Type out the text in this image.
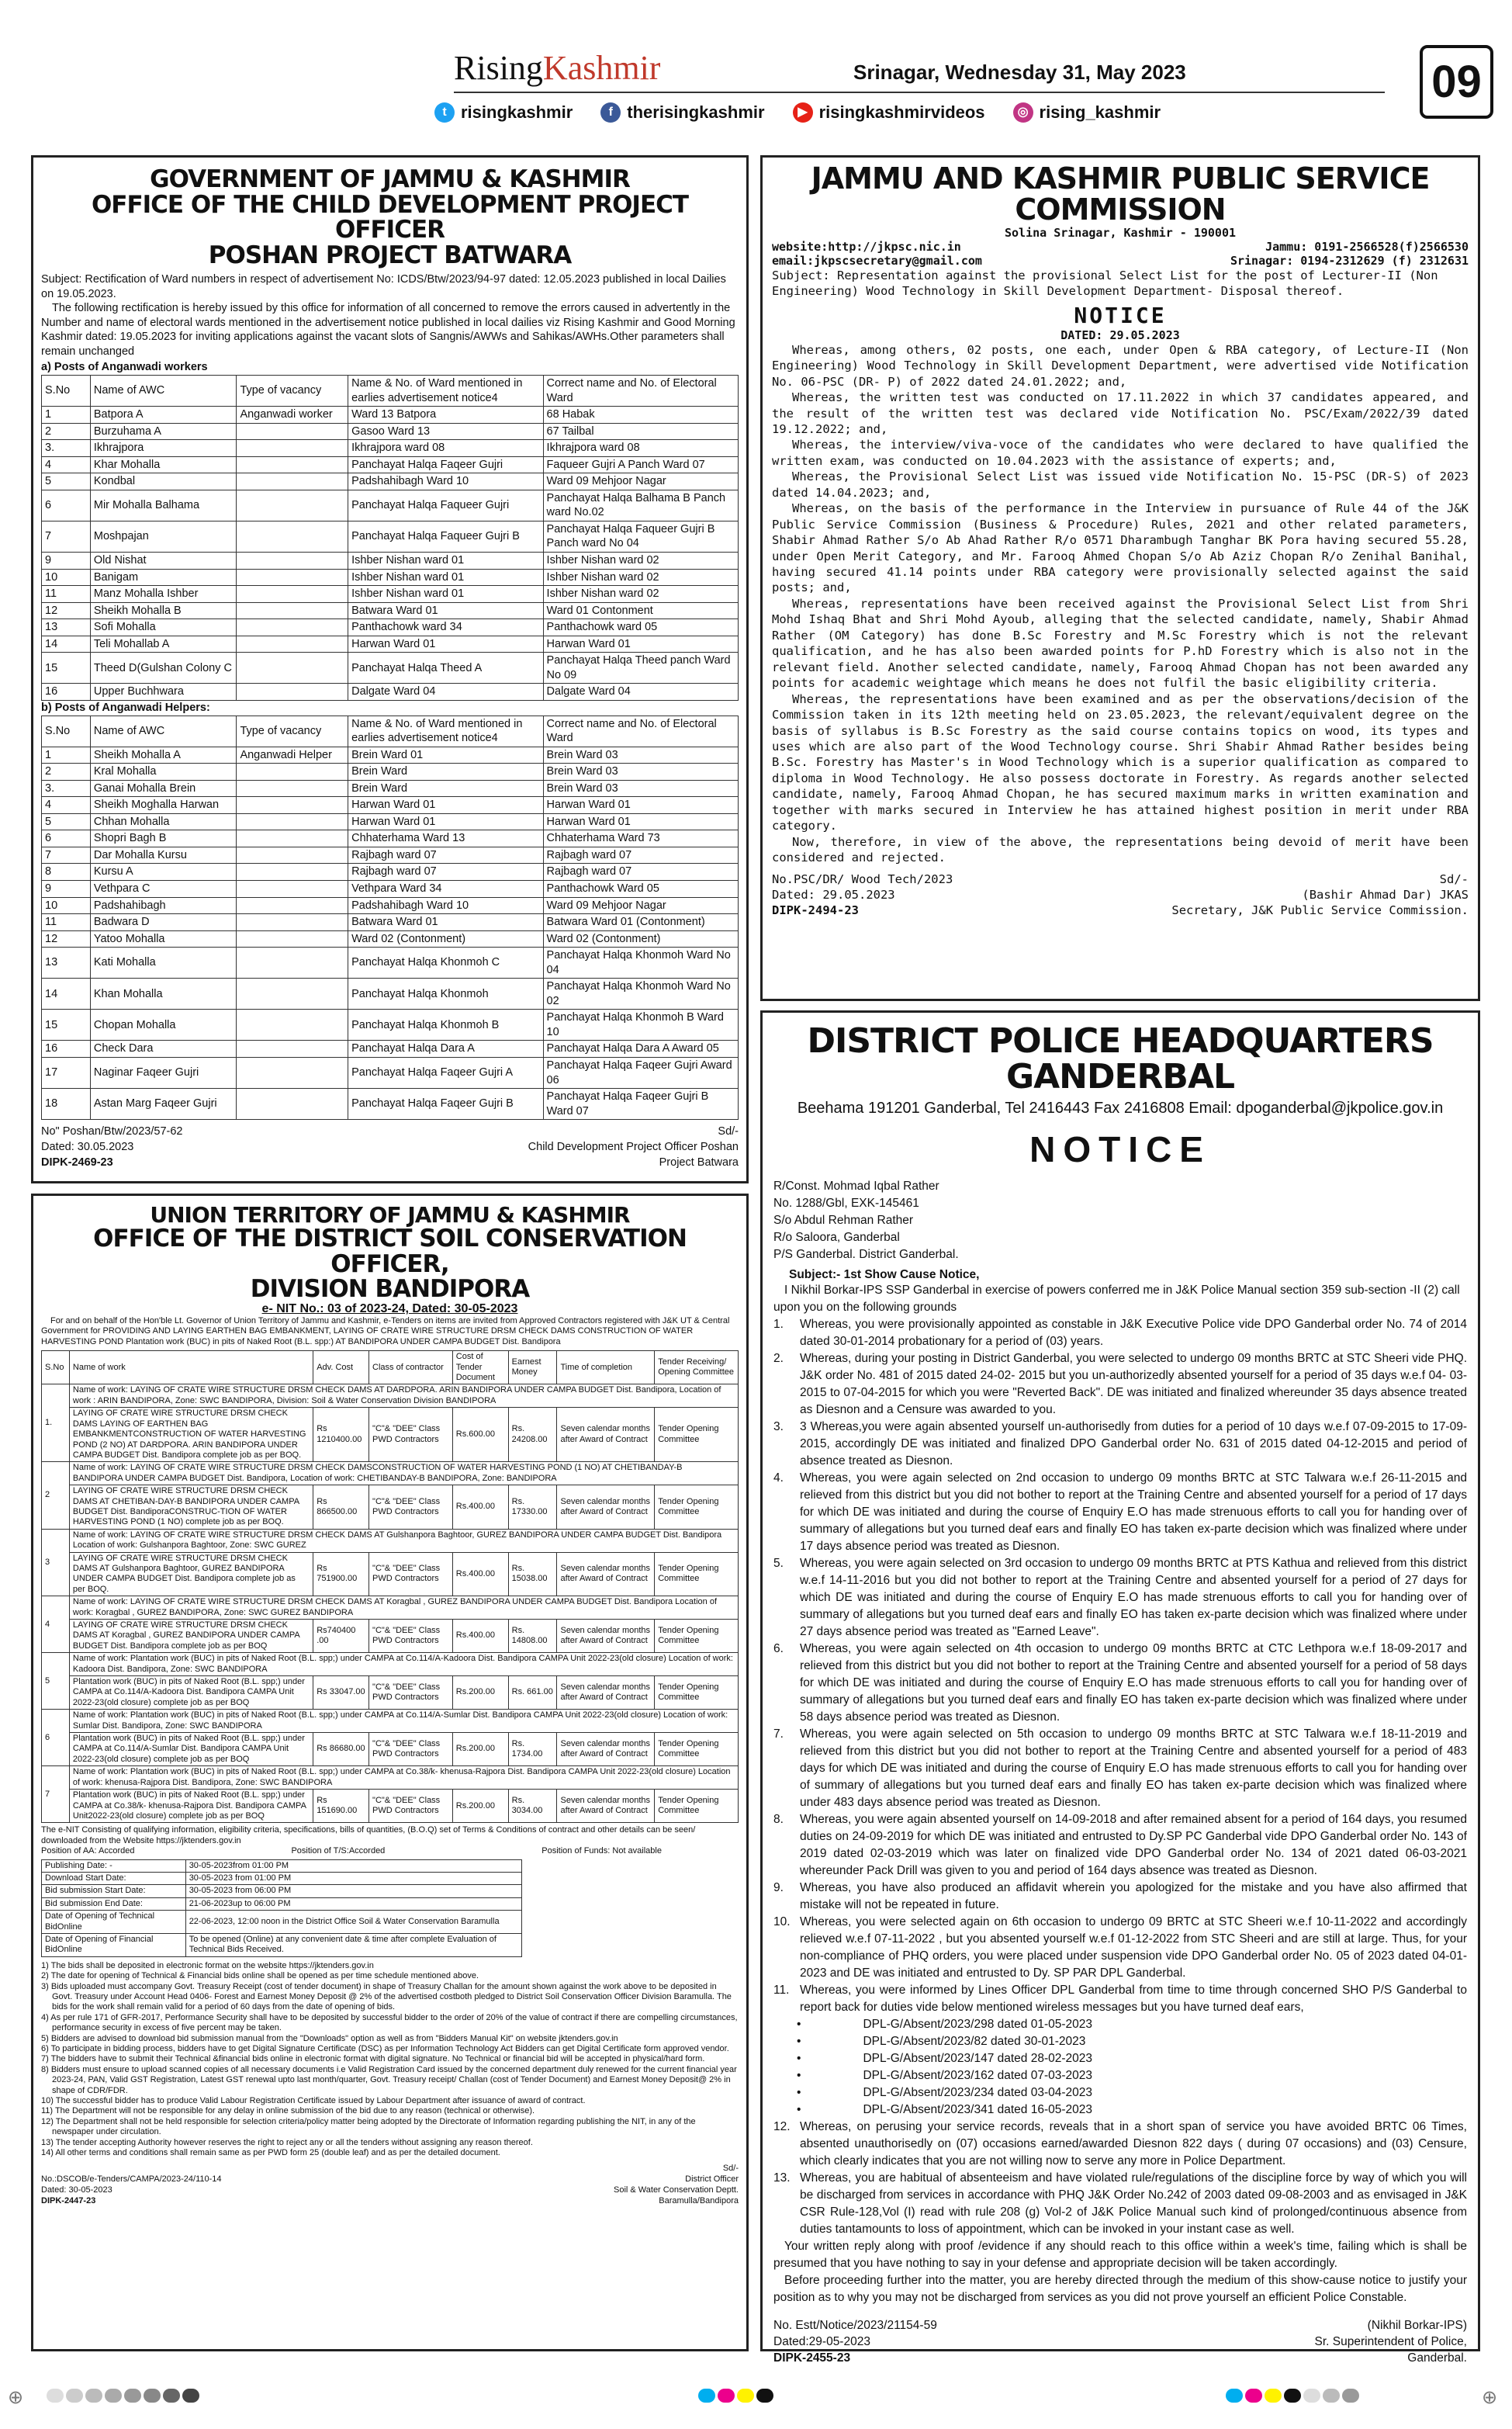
RisingKashmir	Srinagar, Wednesday 31, May 2023	09
t risingkashmir	f therisingkashmir	▶ risingkashmirvideos	◎ rising_kashmir
GOVERNMENT OF JAMMU & KASHMIR
OFFICE OF THE CHILD DEVELOPMENT PROJECT OFFICER
POSHAN PROJECT BATWARA

Subject: Rectification of Ward numbers in respect of advertisement No: ICDS/Btw/2023/94-97 dated: 12.05.2023 published in local Dailies on 19.05.2023.

The following rectification is hereby issued by this office for information of all concerned to remove the errors caused in advertently in the Number and name of electoral wards mentioned in the advertisement notice published in local dailies viz Rising Kashmir and Good Morning Kashmir dated: 19.05.2023 for inviting applications against the vacant slots of Sangnis/AWWs and Sahikas/AWHs.Other parameters shall remain unchanged

a) Posts of Anganwadi workers

S.No	Name of AWC	Type of vacancy	Name & No. of Ward mentioned in earlies advertisement notice4	Correct name and No. of Electoral Ward
1	Batpora A	Anganwadi worker	Ward 13 Batpora	68 Habak
2	Burzuhama A		Gasoo Ward 13	67 Tailbal
3.	Ikhrajpora		Ikhrajpora ward 08	Ikhrajpora ward 08
4	Khar Mohalla		Panchayat Halqa Faqeer Gujri	Faqueer Gujri A Panch Ward 07
5	Kondbal		Padshahibagh Ward 10	Ward 09 Mehjoor Nagar
6	Mir Mohalla Balhama		Panchayat Halqa Faqueer Gujri	Panchayat Halqa Balhama B Panch ward No.02
7	Moshpajan		Panchayat Halqa Faqueer Gujri B	Panchayat Halqa Faqueer Gujri B Panch ward No 04
9	Old Nishat		Ishber Nishan ward 01	Ishber Nishan ward 02
10	Banigam		Ishber Nishan ward 01	Ishber Nishan ward 02
11	Manz Mohalla Ishber		Ishber Nishan ward 01	Ishber Nishan ward 02
12	Sheikh Mohalla B		Batwara Ward 01	Ward 01 Contonment
13	Sofi Mohalla		Panthachowk ward 34	Panthachowk ward 05
14	Teli Mohallab A		Harwan Ward 01	Harwan Ward 01
15	Theed D(Gulshan Colony C		Panchayat Halqa Theed A	Panchayat Halqa Theed panch Ward No 09
16	Upper Buchhwara		Dalgate Ward 04	Dalgate Ward 04

b) Posts of Anganwadi Helpers:

S.No	Name of AWC	Type of vacancy	Name & No. of Ward mentioned in earlies advertisement notice4	Correct name and No. of Electoral Ward
1	Sheikh Mohalla A	Anganwadi Helper	Brein Ward 01	Brein Ward 03
2	Kral Mohalla		Brein Ward	Brein Ward 03
3.	Ganai Mohalla Brein		Brein Ward	Brein Ward 03
4	Sheikh Moghalla Harwan		Harwan Ward 01	Harwan Ward 01
5	Chhan Mohalla		Harwan Ward 01	Harwan Ward 01
6	Shopri Bagh B		Chhaterhama Ward 13	Chhaterhama Ward 73
7	Dar Mohalla Kursu		Rajbagh ward 07	Rajbagh ward 07
8	Kursu A		Rajbagh ward 07	Rajbagh ward 07
9	Vethpara C		Vethpara Ward 34	Panthachowk Ward 05
10	Padshahibagh		Padshahibagh Ward 10	Ward 09 Mehjoor Nagar
11	Badwara D		Batwara Ward 01	Batwara Ward 01 (Contonment)
12	Yatoo Mohalla		Ward 02 (Contonment)	Ward 02 (Contonment)
13	Kati Mohalla		Panchayat Halqa Khonmoh C	Panchayat Halqa Khonmoh Ward No 04
14	Khan Mohalla		Panchayat Halqa Khonmoh	Panchayat Halqa Khonmoh Ward No 02
15	Chopan Mohalla		Panchayat Halqa Khonmoh B	Panchayat Halqa Khonmoh B Ward 10
16	Check Dara		Panchayat Halqa Dara A	Panchayat Halqa Dara A Award 05
17	Naginar Faqeer Gujri		Panchayat Halqa Faqeer Gujri A	Panchayat Halqa Faqeer Gujri Award 06
18	Astan Marg Faqeer Gujri		Panchayat Halqa Faqeer Gujri B	Panchayat Halqa Faqeer Gujri B Ward 07
No" Poshan/Btw/2023/57-62
Dated: 30.05.2023
DIPK-2469-23
Sd/-
Child Development Project Officer Poshan
Project Batwara
UNION TERRITORY OF JAMMU & KASHMIR
OFFICE OF THE DISTRICT SOIL CONSERVATION OFFICER,
DIVISION BANDIPORA

e- NIT No.: 03 of 2023-24, Dated: 30-05-2023

For and on behalf of the Hon'ble Lt. Governor of Union Territory of Jammu and Kashmir, e-Tenders on items are invited from Approved Contractors registered with J&K UT & Central Government for PROVIDING AND LAYING EARTHEN BAG EMBANKMENT, LAYING OF CRATE WIRE STRUCTURE DRSM CHECK DAMS CONSTRUCTION OF WATER HARVESTING POND Plantation work (BUC) in pits of Naked Root (B.L. spp:) AT BANDIPORA UNDER CAMPA BUDGET Dist. Bandipora

S.No	Name of work	Adv. Cost	Class of contractor	Cost of Tender Document	Earnest Money	Time of completion	Tender Receiving/ Opening Committee
1.	Name of work: LAYING OF CRATE WIRE STRUCTURE DRSM CHECK DAMS AT DARDPORA. ARIN BANDIPORA UNDER CAMPA BUDGET Dist. Bandipora, Location of work : ARIN BANDIPORA, Zone: SWC BANDIPORA, Division: Soil & Water Conservation Division BANDIPORA						
	LAYING OF CRATE WIRE STRUCTURE DRSM CHECK DAMS LAYING OF EARTHEN BAG EMBANKMENTCONSTRUCTION OF WATER HARVESTING POND (2 NO) AT DARDPORA. ARIN BANDIPORA UNDER CAMPA BUDGET Dist. Bandipora complete job as per BOQ.	Rs 1210400.00	"C"& "DEE" Class PWD Contractors	Rs.600.00	Rs. 24208.00	Seven calendar months after Award of Contract	Tender Opening Committee
2	Name of work: LAYING OF CRATE WIRE STRUCTURE DRSM CHECK DAMSCONSTRUCTION OF WATER HARVESTING POND (1 NO) AT CHETIBANDAY-B BANDIPORA UNDER CAMPA BUDGET Dist. Bandipora, Location of work: CHETIBANDAY-B BANDIPORA, Zone: BANDIPORA						
	LAYING OF CRATE WIRE STRUCTURE DRSM CHECK DAMS AT CHETIBAN-DAY-B BANDIPORA UNDER CAMPA BUDGET Dist. BandiporaCONSTRUC-TION OF WATER HARVESTING POND (1 NO) complete job as per BOQ.	Rs 866500.00	"C"& "DEE" Class PWD Contractors	Rs.400.00	Rs. 17330.00	Seven calendar months after Award of Contract	Tender Opening Committee
3	Name of work: LAYING OF CRATE WIRE STRUCTURE DRSM CHECK DAMS AT Gulshanpora Baghtoor, GUREZ BANDIPORA UNDER CAMPA BUDGET Dist. Bandipora Location of work: Gulshanpora Baghtoor, Zone: SWC GUREZ						
	LAYING OF CRATE WIRE STRUCTURE DRSM CHECK DAMS AT Gulshanpora Baghtoor, GUREZ BANDIPORA UNDER CAMPA BUDGET Dist. Bandipora complete job as per BOQ.	Rs 751900.00	"C"& "DEE" Class PWD Contractors	Rs.400.00	Rs. 15038.00	Seven calendar months after Award of Contract	Tender Opening Committee
4	Name of work: LAYING OF CRATE WIRE STRUCTURE DRSM CHECK DAMS AT Koragbal , GUREZ BANDIPORA UNDER CAMPA BUDGET Dist. Bandipora Location of work: Koragbal , GUREZ BANDIPORA, Zone: SWC GUREZ BANDIPORA						
	LAYING OF CRATE WIRE STRUCTURE DRSM CHECK DAMS AT Koragbal , GUREZ BANDIPORA UNDER CAMPA BUDGET Dist. Bandipora complete job as per BOQ	Rs740400 .00	"C"& "DEE" Class PWD Contractors	Rs.400.00	Rs. 14808.00	Seven calendar months after Award of Contract	Tender Opening Committee
5	Name of work: Plantation work (BUC) in pits of Naked Root (B.L. spp;) under CAMPA at Co.114/A-Kadoora Dist. Bandipora CAMPA Unit 2022-23(old closure) Location of work: Kadoora Dist. Bandipora, Zone: SWC BANDIPORA						
	Plantation work (BUC) in pits of Naked Root (B.L. spp;) under CAMPA at Co.114/A-Kadoora Dist. Bandipora CAMPA Unit 2022-23(old closure) complete job as per BOQ	Rs 33047.00	"C"& "DEE" Class PWD Contractors	Rs.200.00	Rs. 661.00	Seven calendar months after Award of Contract	Tender Opening Committee
6	Name of work: Plantation work (BUC) in pits of Naked Root (B.L. spp;) under CAMPA at Co.114/A-Sumlar Dist. Bandipora CAMPA Unit 2022-23(old closure) Location of work: Sumlar Dist. Bandipora, Zone: SWC BANDIPORA						
	Plantation work (BUC) in pits of Naked Root (B.L. spp;) under CAMPA at Co.114/A-Sumlar Dist. Bandipora CAMPA Unit 2022-23(old closure) complete job as per BOQ	Rs 86680.00	"C"& "DEE" Class PWD Contractors	Rs.200.00	Rs. 1734.00	Seven calendar months after Award of Contract	Tender Opening Committee
7	Name of work: Plantation work (BUC) in pits of Naked Root (B.L. spp;) under CAMPA at Co.38/k- khenusa-Rajpora Dist. Bandipora CAMPA Unit 2022-23(old closure) Location of work: khenusa-Rajpora Dist. Bandipora, Zone: SWC BANDIPORA						
	Plantation work (BUC) in pits of Naked Root (B.L. spp;) under CAMPA at Co.38/k- khenusa-Rajpora Dist. Bandipora CAMPA Unit2022-23(old closure) complete job as per BOQ	Rs 151690.00	"C"& "DEE" Class PWD Contractors	Rs.200.00	Rs. 3034.00	Seven calendar months after Award of Contract	Tender Opening Committee

The e-NIT Consisting of qualifying information, eligibility criteria, specifications, bills of quantities, (B.O.Q) set of Terms & Conditions of contract and other details can be seen/ downloaded from the Website https://jktenders.gov.in

Position of AA: Accorded	Position of T/S:Accorded	Position of Funds: Not available
Publishing Date: -	30-05-2023from 01:00 PM
Download Start Date:	30-05-2023 from 01:00 PM
Bid submission Start Date:	30-05-2023 from 06:00 PM
Bid submission End Date:	21-06-2023up to 06:00 PM
Date of Opening of Technical BidOnline	22-06-2023, 12:00 noon in the District Office Soil & Water Conservation Baramulla
Date of Opening of Financial BidOnline	To be opened (Online) at any convenient date & time after complete Evaluation of Technical Bids Received.

1) The bids shall be deposited in electronic format on the website https://jktenders.gov.in

2) The date for opening of Technical & Financial bids online shall be opened as per time schedule mentioned above.

3) Bids uploaded must accompany Govt. Treasury Receipt (cost of tender document) in shape of Treasury Challan for the amount shown against the work above to be deposited in Govt. Treasury under Account Head 0406- Forest and Earnest Money Deposit @ 2% of the advertised costboth pledged to District Soil Conservation Officer Division Baramulla. The bids for the work shall remain valid for a period of 60 days from the date of opening of bids.

4) As per rule 171 of GFR-2017, Performance Security shall have to be deposited by successful bidder to the order of 20% of the value of contract if there are compelling circumstances, performance security in excess of five percent may be taken.

5) Bidders are advised to download bid submission manual from the "Downloads" option as well as from "Bidders Manual Kit" on website jktenders.gov.in

6) To participate in bidding process, bidders have to get Digital Signature Certificate (DSC) as per Information Technology Act Bidders can get Digital Certificate form approved vendor.

7) The bidders have to submit their Technical &financial bids online in electronic format with digital signature. No Technical or financial bid will be accepted in physical/hard form.

8) Bidders must ensure to upload scanned copies of all necessary documents i.e Valid Registration Card issued by the concerned department duly renewed for the current financial year 2023-24, PAN, Valid GST Registration, Latest GST renewal upto last month/quarter, Govt. Treasury receipt/ Challan (cost of Tender Document) and Earnest Money Deposit@ 2% in shape of CDR/FDR.

10) The successful bidder has to produce Valid Labour Registration Certificate issued by Labour Department after issuance of award of contract.

11) The Department will not be responsible for any delay in online submission of the bid due to any reason (technical or otherwise).

12) The Department shall not be held responsible for selection criteria/policy matter being adopted by the Directorate of Information regarding publishing the NIT, in any of the newspaper under circulation.

13) The tender accepting Authority however reserves the right to reject any or all the tenders without assigning any reason thereof.

14) All other terms and conditions shall remain same as per PWD form 25 (double leaf) and as per the detailed document.

No.:DSCOB/e-Tenders/CAMPA/2023-24/110-14
Dated: 30-05-2023
DIPK-2447-23
Sd/-
District Officer
Soil & Water Conservation Deptt.
Baramulla/Bandipora
JAMMU AND KASHMIR PUBLIC SERVICE COMMISSION

Solina Srinagar, Kashmir - 190001

website:http://jkpsc.nic.in	Jammu: 0191-2566528(f)2566530
email:jkpscsecretary@gmail.com	Srinagar: 0194-2312629 (f) 2312631

Subject: Representation against the provisional Select List for the post of Lecturer-II (Non Engineering) Wood Technology in Skill Development Department- Disposal thereof.

NOTICE

DATED: 29.05.2023

Whereas, among others, 02 posts, one each, under Open & RBA category, of Lecture-II (Non Engineering) Wood Technology in Skill Development Department, were advertised vide Notification No. 06-PSC (DR- P) of 2022 dated 24.01.2022; and,

Whereas, the written test was conducted on 17.11.2022 in which 37 candidates appeared, and the result of the written test was declared vide Notification No. PSC/Exam/2022/39 dated 19.12.2022; and,

Whereas, the interview/viva-voce of the candidates who were declared to have qualified the written exam, was conducted on 10.04.2023 with the assistance of experts; and,

Whereas, the Provisional Select List was issued vide Notification No. 15-PSC (DR-S) of 2023 dated 14.04.2023; and,

Whereas, on the basis of the performance in the Interview in pursuance of Rule 44 of the J&K Public Service Commission (Business & Procedure) Rules, 2021 and other related parameters, Shabir Ahmad Rather S/o Ab Ahad Rather R/o 0571 Dharambugh Tanghar BK Pora having secured 55.28, under Open Merit Category, and Mr. Farooq Ahmed Chopan S/o Ab Aziz Chopan R/o Zenihal Banihal, having secured 41.14 points under RBA category were provisionally selected against the said posts; and,

Whereas, representations have been received against the Provisional Select List from Shri Mohd Ishaq Bhat and Shri Mohd Ayoub, alleging that the selected candidate, namely, Shabir Ahmad Rather (OM Category) has done B.Sc Forestry and M.Sc Forestry which is not the relevant qualification, and he has also been awarded points for P.hD Forestry which is also not in the relevant field. Another selected candidate, namely, Farooq Ahmad Chopan has not been awarded any points for academic weightage which means he does not fulfil the basic eligibility criteria.

Whereas, the representations have been examined and as per the observations/decision of the Commission taken in its 12th meeting held on 23.05.2023, the relevant/equivalent degree on the basis of syllabus is B.Sc Forestry as the said course contains topics on wood, its types and uses which are also part of the Wood Technology course. Shri Shabir Ahmad Rather besides being B.Sc. Forestry has Master's in Wood Technology which is a superior qualification as compared to diploma in Wood Technology. He also possess doctorate in Forestry. As regards another selected candidate, namely, Farooq Ahmad Chopan, he has secured maximum marks in written examination and together with marks secured in Interview he has attained highest position in merit under RBA category.

Now, therefore, in view of the above, the representations being devoid of merit have been considered and rejected.

No.PSC/DR/ Wood Tech/2023
Dated: 29.05.2023
DIPK-2494-23
Sd/-
(Bashir Ahmad Dar) JKAS
Secretary, J&K Public Service Commission.
DISTRICT POLICE HEADQUARTERS GANDERBAL

Beehama 191201 Ganderbal, Tel 2416443 Fax 2416808 Email: dpoganderbal@jkpolice.gov.in

NOTICE

R/Const. Mohmad Iqbal Rather
No. 1288/Gbl, EXK-145461
S/o Abdul Rehman Rather
R/o Saloora, Ganderbal
P/S Ganderbal. District Ganderbal.

Subject:- 1st Show Cause Notice,

I Nikhil Borkar-IPS SSP Ganderbal in exercise of powers conferred me in J&K Police Manual section 359 sub-section -II (2) call upon you on the following grounds

1.	Whereas, you were provisionally appointed as constable in J&K Executive Police vide DPO Ganderbal order No. 74 of 2014 dated 30-01-2014 probationary for a period of (03) years.
2.	Whereas, during your posting in District Ganderbal, you were selected to undergo 09 months BRTC at STC Sheeri vide PHQ. J&K order No. 481 of 2015 dated 24-02- 2015 but you un-authorizedly absented yourself for a period of 35 days w.e.f 04- 03-2015 to 07-04-2015 for which you were "Reverted Back". DE was initiated and finalized whereunder 35 days absence treated as Diesnon and a Censure was awarded to you.
3.	3 Whereas,you were again absented yourself un-authorisedly from duties for a period of 10 days w.e.f 07-09-2015 to 17-09-2015, accordingly DE was initiated and finalized DPO Ganderbal order No. 631 of 2015 dated 04-12-2015 and period of absence treated as Diesnon.
4.	Whereas, you were again selected on 2nd occasion to undergo 09 months BRTC at STC Talwara w.e.f 26-11-2015 and relieved from this district but you did not bother to report at the Training Centre and absented yourself for a period of 17 days for which DE was initiated and during the course of Enquiry E.O has made strenuous efforts to call you for handing over of summary of allegations but you turned deaf ears and finally EO has taken ex-parte decision which was finalized where under 17 days absence period was treated as Diesnon.
5.	Whereas, you were again selected on 3rd occasion to undergo 09 months BRTC at PTS Kathua and relieved from this district w.e.f 14-11-2016 but you did not bother to report at the Training Centre and absented yourself for a period of 27 days for which DE was initiated and during the course of Enquiry E.O has made strenuous efforts to call you for handing over of summary of allegations but you turned deaf ears and finally EO has taken ex-parte decision which was finalized where under 27 days absence period was treated as "Earned Leave".
6.	Whereas, you were again selected on 4th occasion to undergo 09 months BRTC at CTC Lethpora w.e.f 18-09-2017 and relieved from this district but you did not bother to report at the Training Centre and absented yourself for a period of 58 days for which DE was initiated and during the course of Enquiry E.O has made strenuous efforts to call you for handing over of summary of allegations but you turned deaf ears and finally EO has taken ex-parte decision which was finalized where under 58 days absence period was treated as Diesnon.
7.	Whereas, you were again selected on 5th occasion to undergo 09 months BRTC at STC Talwara w.e.f 18-11-2019 and relieved from this district but you did not bother to report at the Training Centre and absented yourself for a period of 483 days for which DE was initiated and during the course of Enquiry E.O has made strenuous efforts to call you for handing over of summary of allegations but you turned deaf ears and finally EO has taken ex-parte decision which was finalized where under 483 days absence period was treated as Diesnon.
8.	Whereas, you were again absented yourself on 14-09-2018 and after remained absent for a period of 164 days, you resumed duties on 24-09-2019 for which DE was initiated and entrusted to Dy.SP PC Ganderbal vide DPO Ganderbal order No. 143 of 2019 dated 02-03-2019 which was later on finalized vide DPO Ganderbal order No. 134 of 2021 dated 06-03-2021 whereunder Pack Drill was given to you and period of 164 days absence was treated as Diesnon.
9.	Whereas, you have also produced an affidavit wherein you apologized for the mistake and you have also affirmed that mistake will not be repeated in future.
10. Whereas, you were selected again on 6th occasion to undergo 09 BRTC at STC Sheeri w.e.f 10-11-2022 and accordingly relieved w.e.f 07-11-2022 , but you absented yourself w.e.f 01-12-2022 from STC Sheeri and are still at large. Thus, for your non-compliance of PHQ orders, you were placed under suspension vide DPO Ganderbal order No. 05 of 2023 dated 04-01-2023 and DE was initiated and entrusted to Dy. SP PAR DPL Ganderbal.
11. Whereas, you were informed by Lines Officer DPL Ganderbal from time to time through concerned SHO P/S Ganderbal to report back for duties vide below mentioned wireless messages but you have turned deaf ears,
•	DPL-G/Absent/2023/298 dated 01-05-2023
•	DPL-G/Absent/2023/82 dated 30-01-2023
•	DPL-G/Absent/2023/147 dated 28-02-2023
•	DPL-G/Absent/2023/162 dated 07-03-2023
•	DPL-G/Absent/2023/234 dated 03-04-2023
•	DPL-G/Absent/2023/341 dated 16-05-2023
12. Whereas, on perusing your service records, reveals that in a short span of service you have avoided BRTC 06 Times, absented unauthorisedly on (07) occasions earned/awarded Diesnon 822 days ( during 07 occasions) and (03) Censure, which clearly indicates that you are not willing now to serve any more in Police Department.
13. Whereas, you are habitual of absenteeism and have violated rule/regulations of the discipline force by way of which you will be discharged from services in accordance with PHQ J&K Order No.242 of 2003 dated 09-08-2003 and as envisaged in J&K CSR Rule-128,Vol (I) read with rule 208 (g) Vol-2 of J&K Police Manual such kind of prolonged/continuous absence from duties tantamounts to loss of appointment, which can be invoked in your instant case as well.

Your written reply along with proof /evidence if any should reach to this office within a week's time, failing which is shall be presumed that you have nothing to say in your defense and appropriate decision will be taken accordingly.

Before proceeding further into the matter, you are hereby directed through the medium of this show-cause notice to justify your position as to why you may not be discharged from services as you did not prove yourself an efficient Police Constable.

No. Estt/Notice/2023/21154-59
Dated:29-05-2023
DIPK-2455-23
(Nikhil Borkar-IPS)
Sr. Superintendent of Police,
Ganderbal.
⊕	⊕
